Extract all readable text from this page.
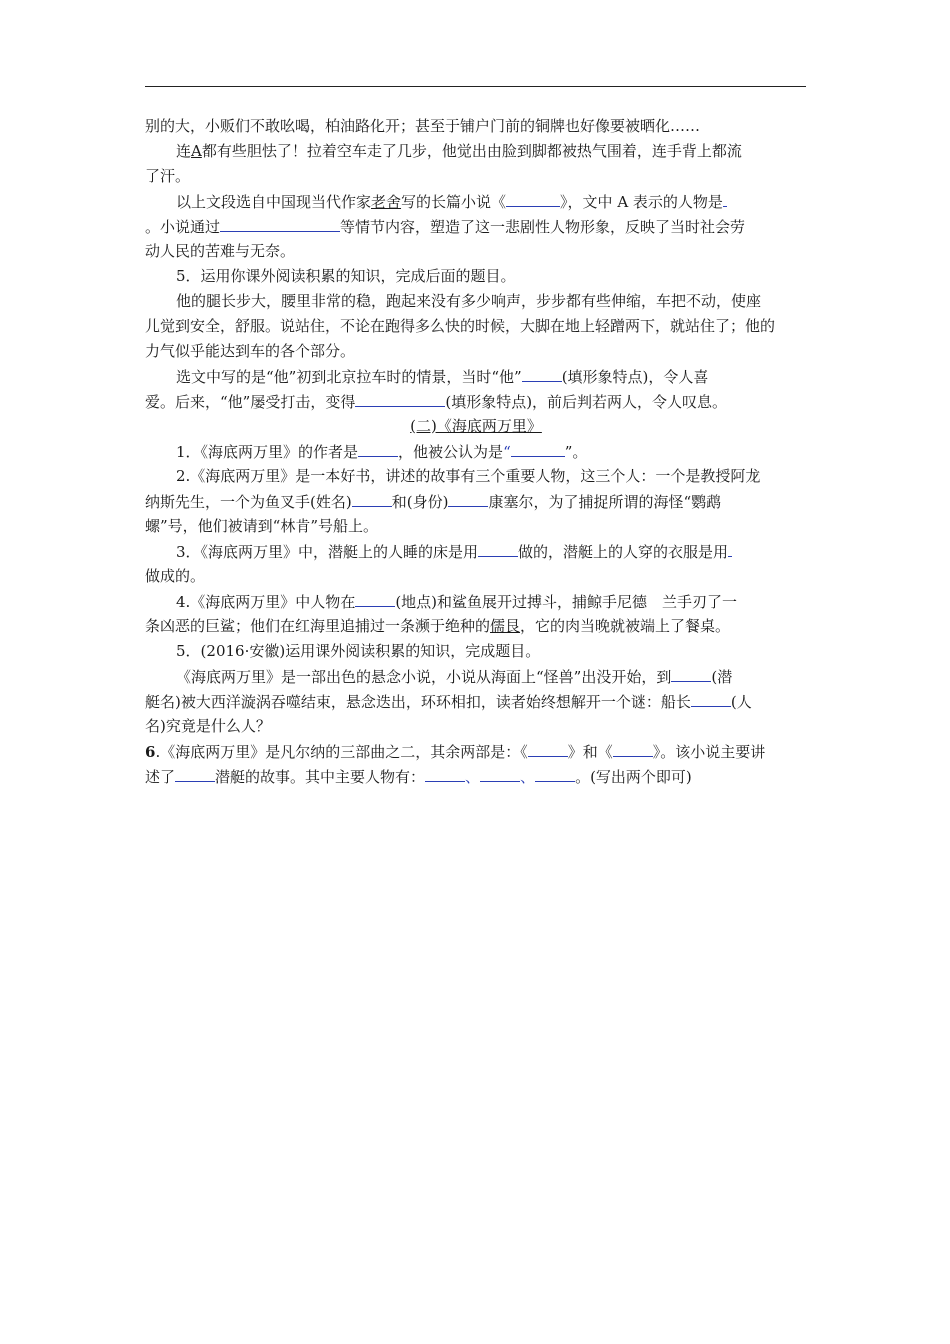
别的大，小贩们不敢吆喝，柏油路化开；甚至于铺户门前的铜牌也好像要被晒化……
连A都有些胆怯了！拉着空车走了几步，他觉出由脸到脚都被热气围着，连手背上都流
了汗。
以上文段选自中国现当代作家老舍写的长篇小说《	》，文中 A 表示的人物是
。小说通过	等情节内容，塑造了这一悲剧性人物形象，反映了当时社会劳
动人民的苦难与无奈。
5．运用你课外阅读积累的知识，完成后面的题目。
他的腿长步大，腰里非常的稳，跑起来没有多少响声，步步都有些伸缩，车把不动，使座
儿觉到安全，舒服。说站住，不论在跑得多么快的时候，大脚在地上轻蹭两下，就站住了；他的
力气似乎能达到车的各个部分。
选文中写的是“他”初到北京拉车时的情景，当时“他”	(填形象特点)，令人喜
爱。后来，“他”屡受打击，变得	(填形象特点)，前后判若两人，令人叹息。
(二)《海底两万里》
1．《海底两万里》的作者是	，他被公认为是“	”。
2.《海底两万里》是一本好书，讲述的故事有三个重要人物，这三个人：一个是教授阿龙
纳斯先生，一个为鱼叉手(姓名)	和(身份)	康塞尔，为了捕捉所谓的海怪“鹦鹉
螺”号，他们被请到“林肯”号船上。
3．《海底两万里》中，潜艇上的人睡的床是用	做的，潜艇上的人穿的衣服是用
做成的。
4.《海底两万里》中人物在	(地点)和鲨鱼展开过搏斗，捕鲸手尼德　兰手刃了一
条凶恶的巨鲨；他们在红海里追捕过一条濒于绝种的儒艮，它的肉当晚就被端上了餐桌。
5．(2016·安徽)运用课外阅读积累的知识，完成题目。
《海底两万里》是一部出色的悬念小说，小说从海面上“怪兽”出没开始，到	(潜
艇名)被大西洋漩涡吞噬结束，悬念迭出，环环相扣，读者始终想解开一个谜：船长	(人
名)究竟是什么人？
6.《海底两万里》是凡尔纳的三部曲之二，其余两部是：《	》和《	》。该小说主要讲
述了	潜艇的故事。其中主要人物有：	、	、	。(写出两个即可)
